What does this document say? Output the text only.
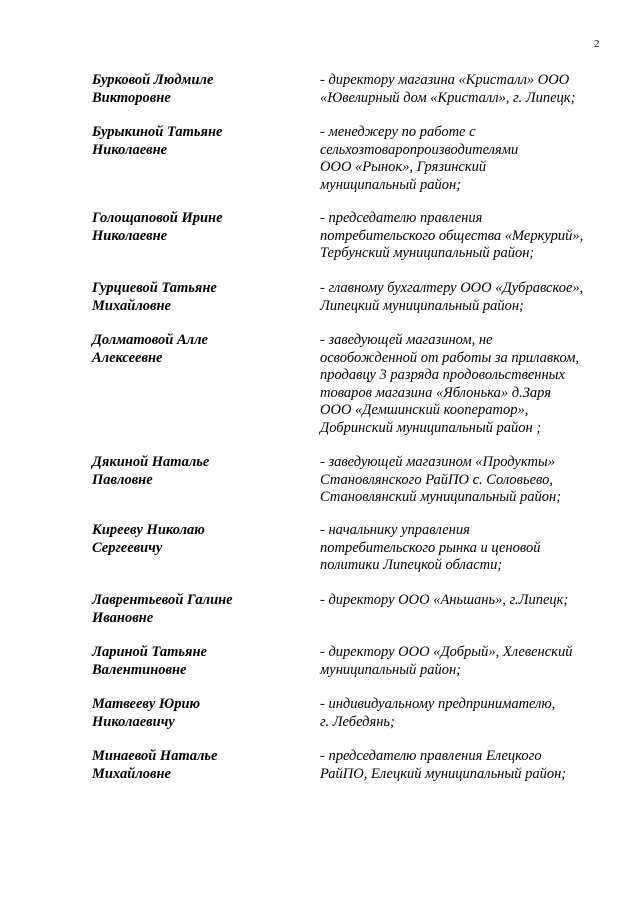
2
Бурковой Людмиле
Викторовне
- директору магазина «Кристалл» ООО
«Ювелирный дом «Кристалл», г. Липецк;
Бурыкиной Татьяне
Николаевне
- менеджеру по работе с
сельхозтоваропроизводителями
ООО «Рынок», Грязинский
муниципальный район;
Голощаповой Ирине
Николаевне
- председателю правления
потребительского общества «Меркурий»,
Тербунский муниципальный район;
Гурциевой Татьяне
Михайловне
- главному бухгалтеру ООО «Дубравское»,
Липецкий муниципальный район;
Долматовой Алле
Алексеевне
- заведующей магазином, не
освобожденной от работы за прилавком,
продавцу 3 разряда продовольственных
товаров магазина «Яблонька» д.Заря
ООО «Демшинский кооператор»,
Добринский муниципальный район ;
Дякиной Наталье
Павловне
- заведующей магазином «Продукты»
Становлянского РайПО с. Соловьево,
Становлянский муниципальный район;
Кирееву Николаю
Сергеевичу
- начальнику управления
потребительского рынка и ценовой
политики Липецкой области;
Лаврентьевой Галине
Ивановне
- директору ООО «Аньшань», г.Липецк;
Лариной Татьяне
Валентиновне
- директору ООО «Добрый», Хлевенский
муниципальный район;
Матвееву Юрию
Николаевичу
- индивидуальному предпринимателю,
г. Лебедянь;
Минаевой Наталье
Михайловне
- председателю правления Елецкого
РайПО, Елецкий муниципальный район;
